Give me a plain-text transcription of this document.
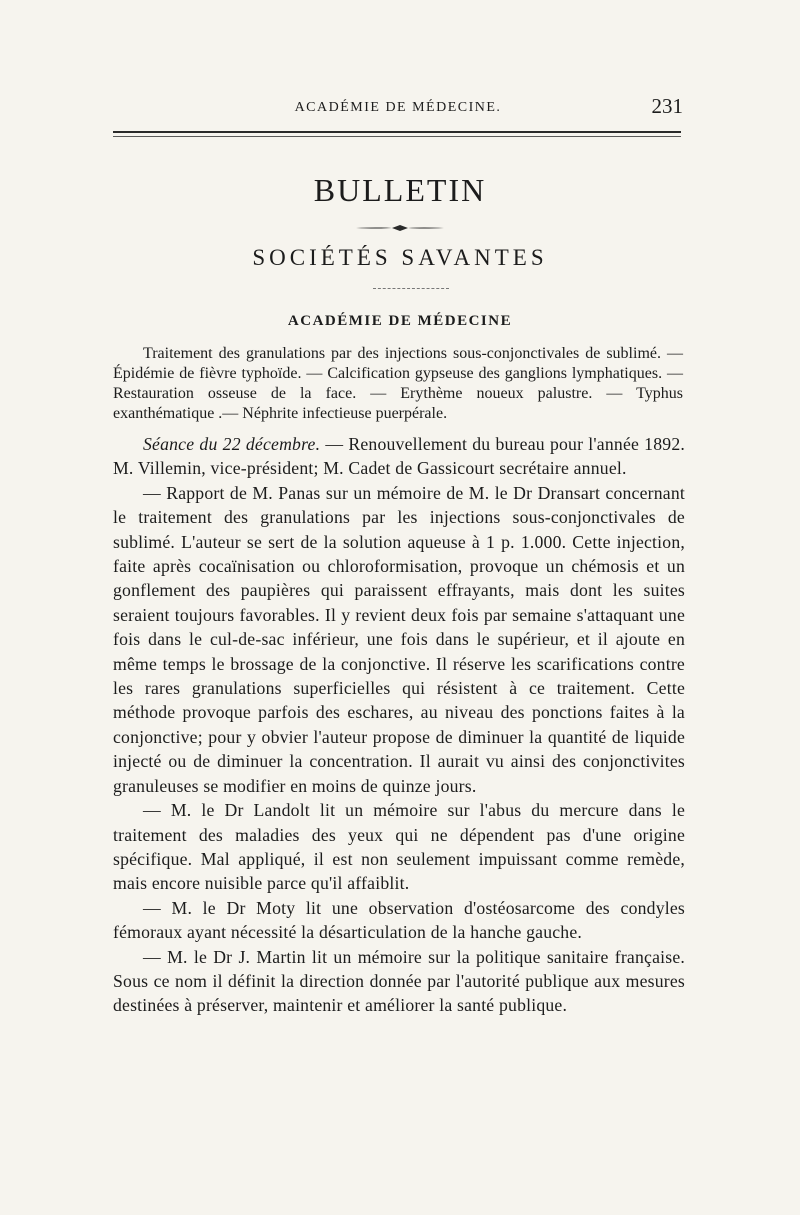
ACADÉMIE DE MÉDECINE.	231
BULLETIN
SOCIÉTÉS SAVANTES
ACADÉMIE DE MÉDECINE
Traitement des granulations par des injections sous-conjonctivales de sublimé. — Épidémie de fièvre typhoïde. — Calcification gypseuse des ganglions lymphatiques. — Restauration osseuse de la face. — Erythème noueux palustre. — Typhus exanthématique .— Néphrite infectieuse puerpérale.

Séance du 22 décembre. — Renouvellement du bureau pour l'année 1892. M. Villemin, vice-président; M. Cadet de Gassicourt secrétaire annuel.

— Rapport de M. Panas sur un mémoire de M. le Dr Dransart concernant le traitement des granulations par les injections sous-conjonctivales de sublimé. L'auteur se sert de la solution aqueuse à 1 p. 1.000. Cette injection, faite après cocaïnisation ou chloroformisation, provoque un chémosis et un gonflement des paupières qui paraissent effrayants, mais dont les suites seraient toujours favorables. Il y revient deux fois par semaine s'attaquant une fois dans le cul-de-sac inférieur, une fois dans le supérieur, et il ajoute en même temps le brossage de la conjonctive. Il réserve les scarifications contre les rares granulations superficielles qui résistent à ce traitement. Cette méthode provoque parfois des eschares, au niveau des ponctions faites à la conjonctive; pour y obvier l'auteur propose de diminuer la quantité de liquide injecté ou de diminuer la concentration. Il aurait vu ainsi des conjonctivites granuleuses se modifier en moins de quinze jours.

— M. le Dr Landolt lit un mémoire sur l'abus du mercure dans le traitement des maladies des yeux qui ne dépendent pas d'une origine spécifique. Mal appliqué, il est non seulement impuissant comme remède, mais encore nuisible parce qu'il affaiblit.

— M. le Dr Moty lit une observation d'ostéosarcome des condyles fémoraux ayant nécessité la désarticulation de la hanche gauche.

— M. le Dr J. Martin lit un mémoire sur la politique sanitaire française. Sous ce nom il définit la direction donnée par l'autorité publique aux mesures destinées à préserver, maintenir et améliorer la santé publique.
